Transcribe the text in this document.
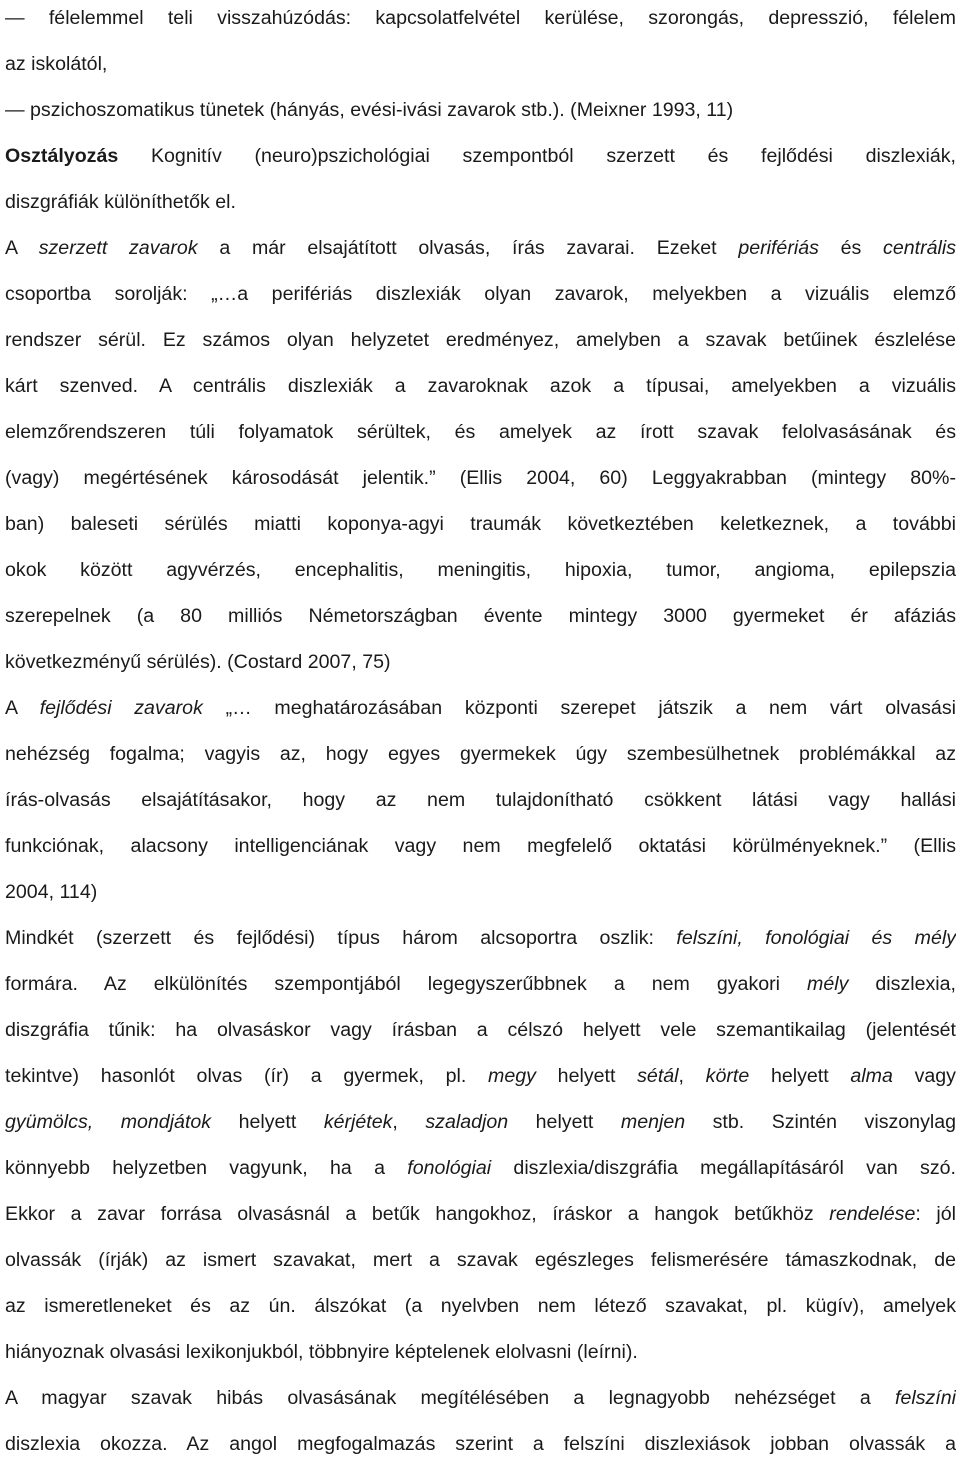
— félelemmel teli visszahúzódás: kapcsolatfelvétel kerülése, szorongás, depresszió, félelem
az iskolától,
— pszichoszomatikus tünetek (hányás, evési-ivási zavarok stb.). (Meixner 1993, 11)
Osztályozás Kognitív (neuro)pszichológiai szempontból szerzett és fejlődési diszlexiák,
diszgráfiák különíthetők el.
A szerzett zavarok a már elsajátított olvasás, írás zavarai. Ezeket perifériás és centrális
csoportba sorolják: „…a perifériás diszlexiák olyan zavarok, melyekben a vizuális elemző
rendszer sérül. Ez számos olyan helyzetet eredményez, amelyben a szavak betűinek észlelése
kárt szenved. A centrális diszlexiák a zavaroknak azok a típusai, amelyekben a vizuális
elemzőrendszeren túli folyamatok sérültek, és amelyek az írott szavak felolvasásának és
(vagy) megértésének károsodását jelentik.” (Ellis 2004, 60) Leggyakrabban (mintegy 80%-
ban) baleseti sérülés miatti koponya-agyi traumák következtében keletkeznek, a további
okok között agyvérzés, encephalitis, meningitis, hipoxia, tumor, angioma, epilepszia
szerepelnek (a 80 milliós Németországban évente mintegy 3000 gyermeket ér afáziás
következményű sérülés). (Costard 2007, 75)
A fejlődési zavarok „… meghatározásában központi szerepet játszik a nem várt olvasási
nehézség fogalma; vagyis az, hogy egyes gyermekek úgy szembesülhetnek problémákkal az
írás-olvasás elsajátításakor, hogy az nem tulajdonítható csökkent látási vagy hallási
funkciónak, alacsony intelligenciának vagy nem megfelelő oktatási körülményeknek.” (Ellis
2004, 114)
Mindkét (szerzett és fejlődési) típus három alcsoportra oszlik: felszíni, fonológiai és mély
formára. Az elkülönítés szempontjából legegyszerűbbnek a nem gyakori mély diszlexia,
diszgráfia tűnik: ha olvasáskor vagy írásban a célszó helyett vele szemantikailag (jelentését
tekintve) hasonlót olvas (ír) a gyermek, pl. megy helyett sétál, körte helyett alma vagy
gyümölcs, mondjátok helyett kérjétek, szaladjon helyett menjen stb. Szintén viszonylag
könnyebb helyzetben vagyunk, ha a fonológiai diszlexia/diszgráfia megállapításáról van szó.
Ekkor a zavar forrása olvasásnál a betűk hangokhoz, íráskor a hangok betűkhöz rendelése: jól
olvassák (írják) az ismert szavakat, mert a szavak egészleges felismerésére támaszkodnak, de
az ismeretleneket és az ún. álszókat (a nyelvben nem létező szavakat, pl. kügív), amelyek
hiányoznak olvasási lexikonjukból, többnyire képtelenek elolvasni (leírni).
A magyar szavak hibás olvasásának megítélésében a legnagyobb nehézséget a felszíni
diszlexia okozza. Az angol megfogalmazás szerint a felszíni diszlexiások jobban olvassák a
